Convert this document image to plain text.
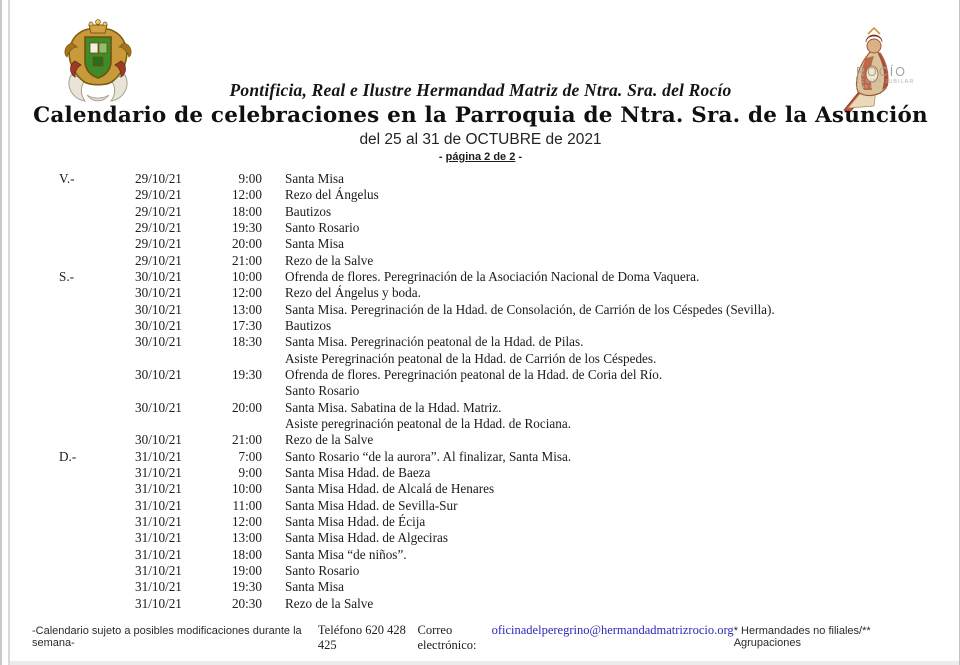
ROCÍO
VENIDA JUBILAR
2019-2020
Pontificia, Real e Ilustre Hermandad Matriz de Ntra. Sra. del Rocío
Calendario de celebraciones en la Parroquia de Ntra. Sra. de la Asunción
del 25 al 31 de OCTUBRE de 2021
- página 2 de 2 -
V.-	29/10/21	9:00	Santa Misa
29/10/21	12:00	Rezo del Ángelus
29/10/21	18:00	Bautizos
29/10/21	19:30	Santo Rosario
29/10/21	20:00	Santa Misa
29/10/21	21:00	Rezo de la Salve
S.-	30/10/21	10:00	Ofrenda de flores. Peregrinación de la Asociación Nacional de Doma Vaquera.
30/10/21	12:00	Rezo del Ángelus y boda.
30/10/21	13:00	Santa Misa. Peregrinación de la Hdad. de Consolación, de Carrión de los Céspedes (Sevilla).
30/10/21	17:30	Bautizos
30/10/21	18:30	Santa Misa. Peregrinación peatonal de la Hdad. de Pilas.
Asiste Peregrinación peatonal de la Hdad. de Carrión de los Céspedes.
30/10/21	19:30	Ofrenda de flores. Peregrinación peatonal de la Hdad. de Coria del Río.
Santo Rosario
30/10/21	20:00	Santa Misa. Sabatina de la Hdad. Matriz.
Asiste peregrinación peatonal de la Hdad. de Rociana.
30/10/21	21:00	Rezo de la Salve
D.-	31/10/21	7:00	Santo Rosario “de la aurora”. Al finalizar, Santa Misa.
31/10/21	9:00	Santa Misa Hdad. de Baeza
31/10/21	10:00	Santa Misa Hdad. de Alcalá de Henares
31/10/21	11:00	Santa Misa Hdad. de Sevilla-Sur
31/10/21	12:00	Santa Misa Hdad. de Écija
31/10/21	13:00	Santa Misa Hdad. de Algeciras
31/10/21	18:00	Santa Misa “de niños”.
31/10/21	19:00	Santo Rosario
31/10/21	19:30	Santa Misa
31/10/21	20:30	Rezo de la Salve
-Calendario sujeto a posibles modificaciones durante la semana-
Teléfono 620 428 425
Correo electrónico:
oficinadelperegrino@hermandadmatrizrocio.org * Hermandades no filiales/** Agrupaciones
